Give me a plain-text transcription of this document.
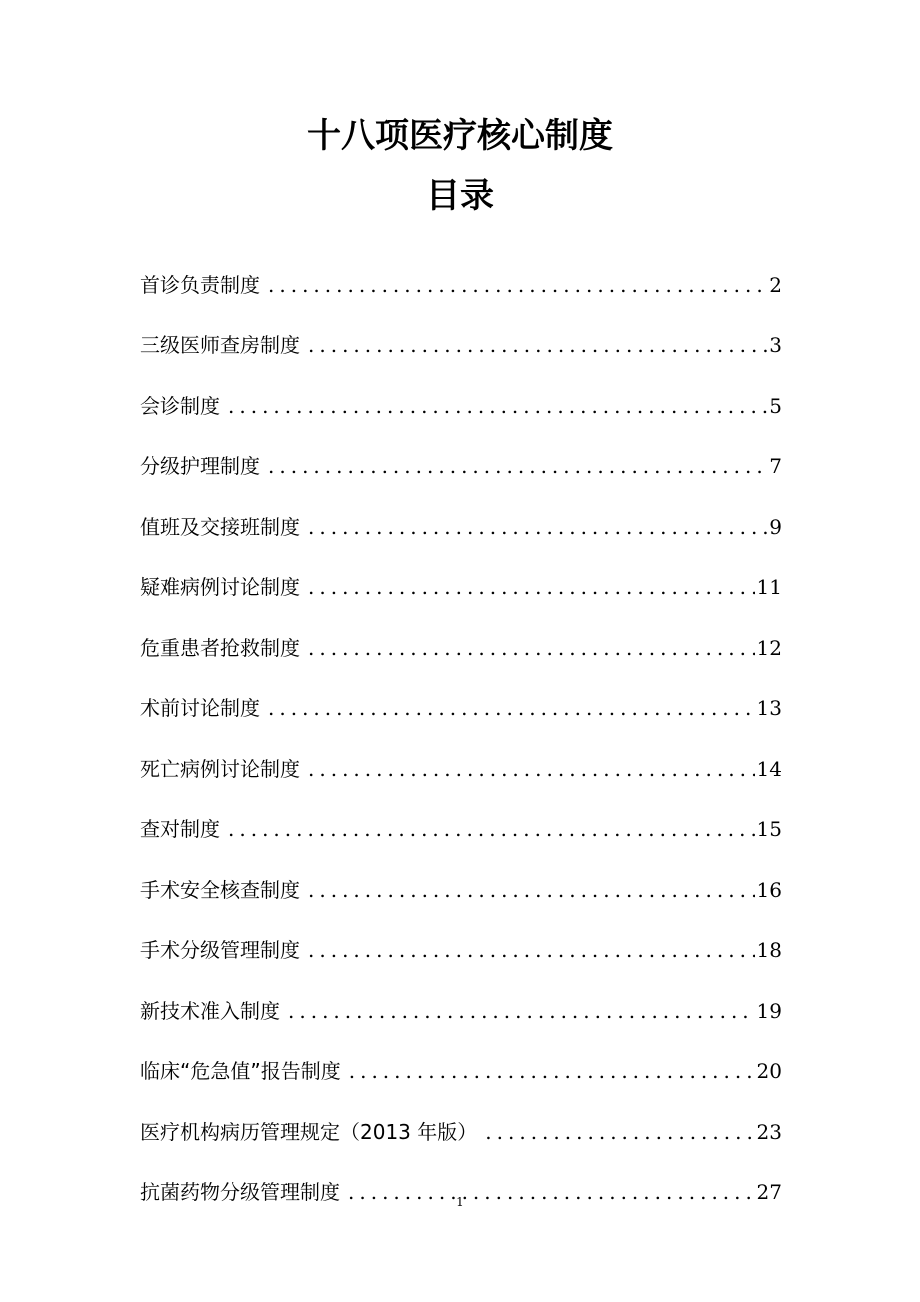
十八项医疗核心制度
目录
首诊负责制度 .....	2
三级医师查房制度 .....	3
会诊制度 .....	5
分级护理制度 .....	7
值班及交接班制度 .....	9
疑难病例讨论制度 .....	11
危重患者抢救制度 .....	12
术前讨论制度 .....	13
死亡病例讨论制度 .....	14
查对制度 .....	15
手术安全核查制度 .....	16
手术分级管理制度 .....	18
新技术准入制度 .....	19
临床“危急值”报告制度 .....	20
医疗机构病历管理规定（2013 年版） .....	23
抗菌药物分级管理制度 .....	27
1
